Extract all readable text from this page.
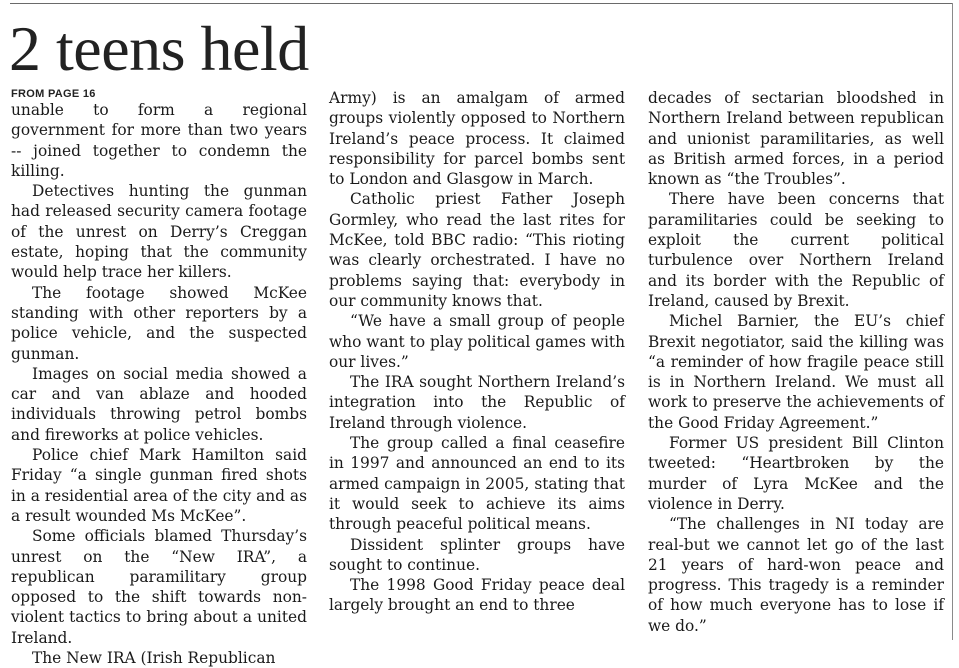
2 teens held
FROM PAGE 16

unable to form a regional government for more than two years -- joined together to condemn the killing.

Detectives hunting the gunman had released security camera footage of the unrest on Derry’s Creggan estate, hoping that the community would help trace her killers.

The footage showed McKee standing with other reporters by a police vehicle, and the suspected gunman.

Images on social media showed a car and van ablaze and hooded individuals throwing petrol bombs and fireworks at police vehicles.

Police chief Mark Hamilton said Friday “a single gunman fired shots in a residential area of the city and as a result wounded Ms McKee”.

Some officials blamed Thursday’s unrest on the “New IRA”, a republican paramilitary group opposed to the shift towards non-violent tactics to bring about a united Ireland.

The New IRA (Irish Republican

Army) is an amalgam of armed groups violently opposed to Northern Ireland’s peace process. It claimed responsibility for parcel bombs sent to London and Glasgow in March.

Catholic priest Father Joseph Gormley, who read the last rites for McKee, told BBC radio: “This rioting was clearly orchestrated. I have no problems saying that: everybody in our community knows that.

“We have a small group of people who want to play political games with our lives.”

The IRA sought Northern Ireland’s integration into the Republic of Ireland through violence.

The group called a final ceasefire in 1997 and announced an end to its armed campaign in 2005, stating that it would seek to achieve its aims through peaceful political means.

Dissident splinter groups have sought to continue.

The 1998 Good Friday peace deal largely brought an end to three

decades of sectarian bloodshed in Northern Ireland between republican and unionist paramilitaries, as well as British armed forces, in a period known as “the Troubles”.

There have been concerns that paramilitaries could be seeking to exploit the current political turbulence over Northern Ireland and its border with the Republic of Ireland, caused by Brexit.

Michel Barnier, the EU’s chief Brexit negotiator, said the killing was “a reminder of how fragile peace still is in Northern Ireland. We must all work to preserve the achievements of the Good Friday Agreement.”

Former US president Bill Clinton tweeted: “Heartbroken by the murder of Lyra McKee and the violence in Derry.

“The challenges in NI today are real-but we cannot let go of the last 21 years of hard-won peace and progress. This tragedy is a reminder of how much everyone has to lose if we do.”
